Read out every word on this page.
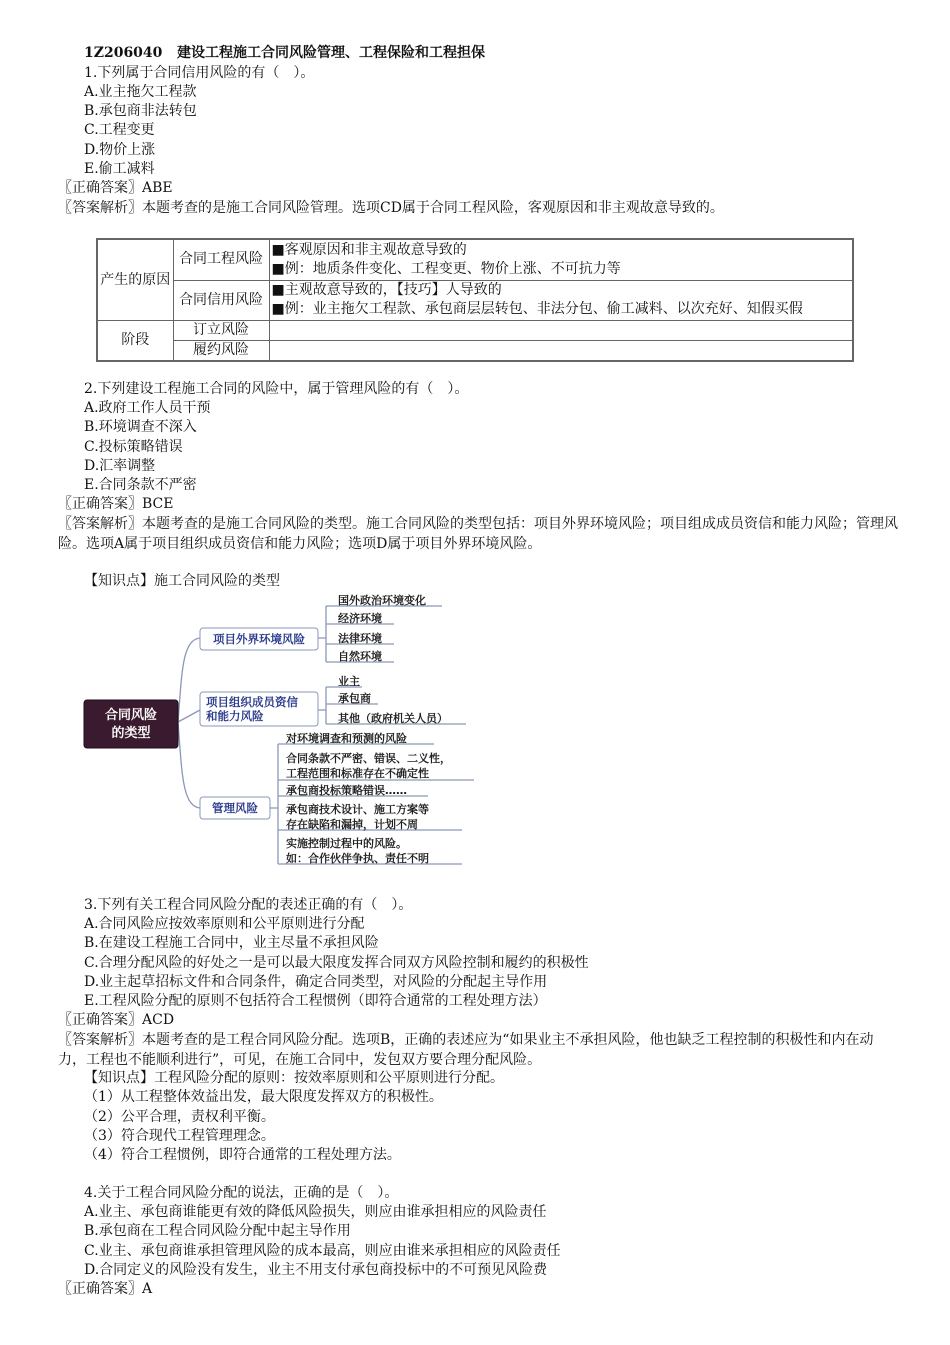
1Z206040 建设工程施工合同风险管理、工程保险和工程担保
1.下列属于合同信用风险的有（　）。
A.业主拖欠工程款
B.承包商非法转包
C.工程变更
D.物价上涨
E.偷工减料
〖正确答案〗ABE
〖答案解析〗本题考查的是施工合同风险管理。选项CD属于合同工程风险，客观原因和非主观故意导致的。
产生的原因	合同工程风险	■客观原因和非主观故意导致的
■例：地质条件变化、工程变更、物价上涨、不可抗力等

	合同信用风险	■主观故意导致的，【技巧】人导致的
■例：业主拖欠工程款、承包商层层转包、非法分包、偷工减料、以次充好、知假买假

阶段	订立风险	
	履约风险	
2.下列建设工程施工合同的风险中，属于管理风险的有（　）。
A.政府工作人员干预
B.环境调查不深入
C.投标策略错误
D.汇率调整
E.合同条款不严密
〖正确答案〗BCE
〖答案解析〗本题考查的是施工合同风险的类型。施工合同风险的类型包括：项目外界环境风险；项目组成成员资信和能力风险；管理风险。选项A属于项目组织成员资信和能力风险；选项D属于项目外界环境风险。
【知识点】施工合同风险的类型
合同风险
的类型
项目外界环境风险
国外政治环境变化
经济环境
法律环境
自然环境
项目组织成员资信
和能力风险
业主
承包商
其他（政府机关人员）
管理风险
对环境调查和预测的风险
合同条款不严密、错误、二义性，
工程范围和标准存在不确定性
承包商投标策略错误……
承包商技术设计、施工方案等
存在缺陷和漏掉，计划不周
实施控制过程中的风险。
如：合作伙伴争执、责任不明
3.下列有关工程合同风险分配的表述正确的有（　）。
A.合同风险应按效率原则和公平原则进行分配
B.在建设工程施工合同中，业主尽量不承担风险
C.合理分配风险的好处之一是可以最大限度发挥合同双方风险控制和履约的积极性
D.业主起草招标文件和合同条件，确定合同类型，对风险的分配起主导作用
E.工程风险分配的原则不包括符合工程惯例（即符合通常的工程处理方法）
〖正确答案〗ACD
〖答案解析〗本题考查的是工程合同风险分配。选项B，正确的表述应为“如果业主不承担风险，他也缺乏工程控制的积极性和内在动力，工程也不能顺利进行”，可见，在施工合同中，发包双方要合理分配风险。
【知识点】工程风险分配的原则：按效率原则和公平原则进行分配。
（1）从工程整体效益出发，最大限度发挥双方的积极性。
（2）公平合理，责权利平衡。
（3）符合现代工程管理理念。
（4）符合工程惯例，即符合通常的工程处理方法。
4.关于工程合同风险分配的说法，正确的是（　）。
A.业主、承包商谁能更有效的降低风险损失，则应由谁承担相应的风险责任
B.承包商在工程合同风险分配中起主导作用
C.业主、承包商谁承担管理风险的成本最高，则应由谁来承担相应的风险责任
D.合同定义的风险没有发生，业主不用支付承包商投标中的不可预见风险费
〖正确答案〗A
